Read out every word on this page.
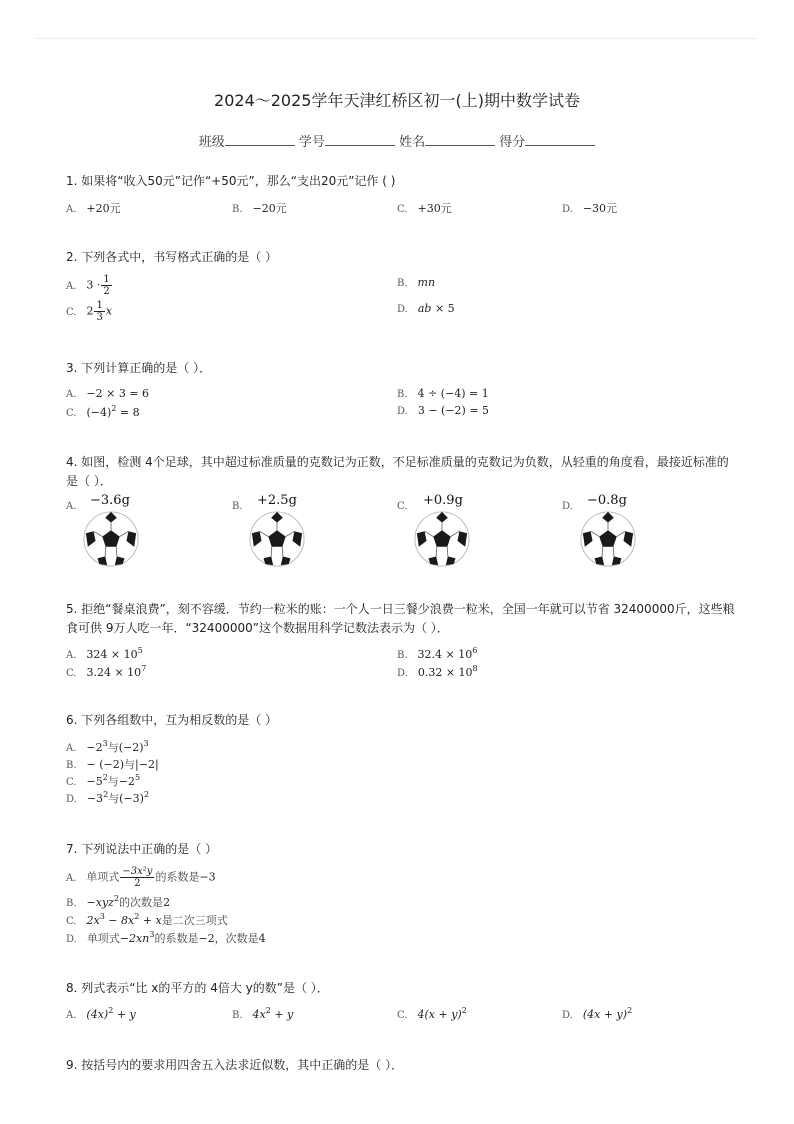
2024～2025学年天津红桥区初一(上)期中数学试卷
班级	学号	姓名	得分
1. 如果将“收入50元”记作“+50元”，那么“支出20元”记作 ( )
A. +20元	B. −20元	C. +30元	D. −30元
2. 下列各式中，书写格式正确的是（ ）
A. $3 \cdot \frac{1}{2}$	B. mn
C. $2 \frac{1}{3}$ x	D. ab × 5
3. 下列计算正确的是（ ）．
A. −2 × 3 = 6	B. 4 ÷ (−4) = 1
C. $(-4)^2 = 8$	D. 3 − (−2) = 5
4. 如图，检测 4个足球，其中超过标准质量的克数记为正数，不足标准质量的克数记为负数，从轻重的角度看，最接近标准的是（ ）．
A.	−3.6g	B.	+2.5g	C.	+0.9g	D.	−0.8g
5. 拒绝“餐桌浪费”，刻不容缓．节约一粒米的账：一个人一日三餐少浪费一粒米，全国一年就可以节省 32400000斤，这些粮食可供 9万人吃一年．“32400000”这个数据用科学记数法表示为（ ）．
A. $324 \times 10^5$	B. $32.4 \times 10^6$
C. $3.24 \times 10^7$	D. $0.32 \times 10^8$
6. 下列各组数中，互为相反数的是（ ）
A. $-2^3$与$(-2)^3$
B. − (−2)与|−2|
C. $-5^2$与$-2^5$
D. $-3^2$与$(-3)^2$
7. 下列说法中正确的是（ ）
A. 单项式 $\frac{\text{−3x²y}}{2}$ 的系数是−3
B. −xyz$^2$的次数是2
C. $2x^3 - 8x^2 + x$是二次三项式
D. 单项式$-2xn^3$的系数是−2，次数是4
8. 列式表示“比 x的平方的 4倍大 y的数”是（ ）．
A. $(4x)^2 + y$	B. $4x^2 + y$	C. $4(x + y)^2$	D. $(4x + y)^2$
9. 按括号内的要求用四舍五入法求近似数，其中正确的是（ ）．
